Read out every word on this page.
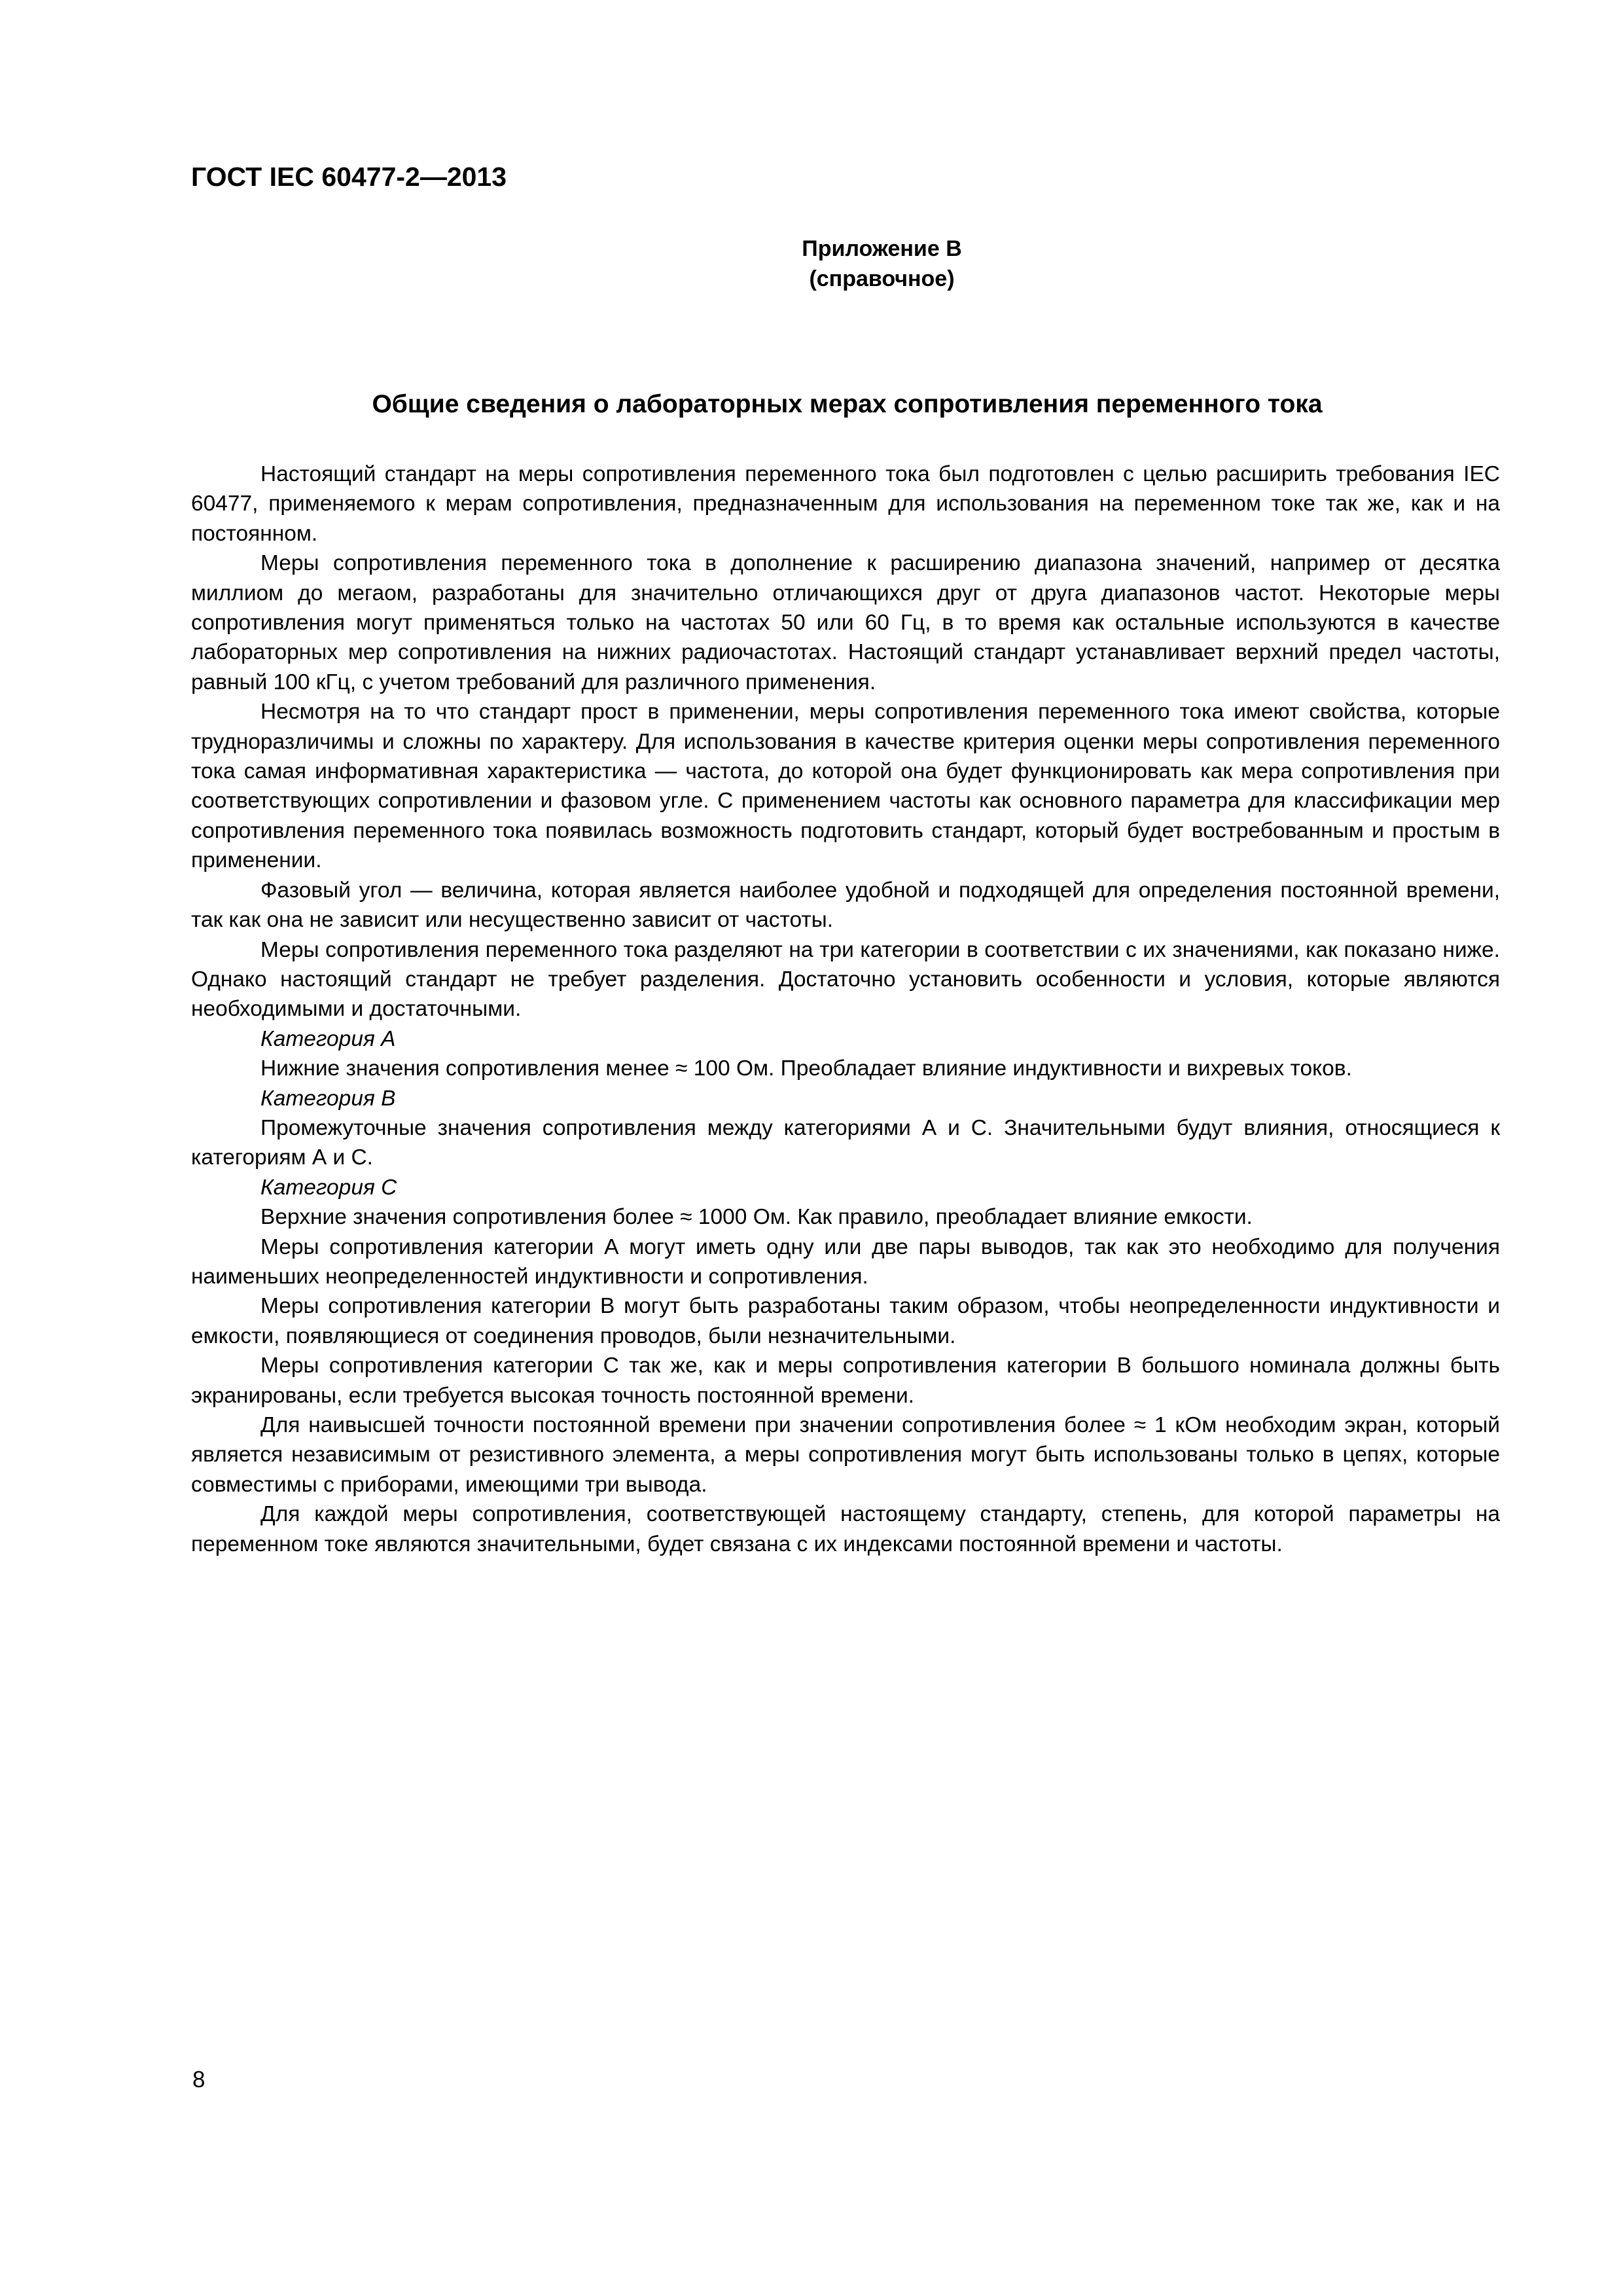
ГОСТ IEC 60477-2—2013
Приложение В
(справочное)
Общие сведения о лабораторных мерах сопротивления переменного тока

Настоящий стандарт на меры сопротивления переменного тока был подготовлен с целью расширить требования IEC 60477, применяемого к мерам сопротивления, предназначенным для использования на переменном токе так же, как и на постоянном.

Меры сопротивления переменного тока в дополнение к расширению диапазона значений, например от десятка миллиом до мегаом, разработаны для значительно отличающихся друг от друга диапазонов частот. Некоторые меры сопротивления могут применяться только на частотах 50 или 60 Гц, в то время как остальные используются в качестве лабораторных мер сопротивления на нижних радиочастотах. Настоящий стандарт устанавливает верхний предел частоты, равный 100 кГц, с учетом требований для различного применения.

Несмотря на то что стандарт прост в применении, меры сопротивления переменного тока имеют свойства, которые трудноразличимы и сложны по характеру. Для использования в качестве критерия оценки меры сопротивления переменного тока самая информативная характеристика — частота, до которой она будет функционировать как мера сопротивления при соответствующих сопротивлении и фазовом угле. С применением частоты как основного параметра для классификации мер сопротивления переменного тока появилась возможность подготовить стандарт, который будет востребованным и простым в применении.

Фазовый угол — величина, которая является наиболее удобной и подходящей для определения постоянной времени, так как она не зависит или несущественно зависит от частоты.

Меры сопротивления переменного тока разделяют на три категории в соответствии с их значениями, как показано ниже. Однако настоящий стандарт не требует разделения. Достаточно установить особенности и условия, которые являются необходимыми и достаточными.

Категория А

Нижние значения сопротивления менее ≈ 100 Ом. Преобладает влияние индуктивности и вихревых токов.

Категория В

Промежуточные значения сопротивления между категориями А и С. Значительными будут влияния, относящиеся к категориям А и С.

Категория С

Верхние значения сопротивления более ≈ 1000 Ом. Как правило, преобладает влияние емкости.

Меры сопротивления категории А могут иметь одну или две пары выводов, так как это необходимо для получения наименьших неопределенностей индуктивности и сопротивления.

Меры сопротивления категории В могут быть разработаны таким образом, чтобы неопределенности индуктивности и емкости, появляющиеся от соединения проводов, были незначительными.

Меры сопротивления категории С так же, как и меры сопротивления категории В большого номинала должны быть экранированы, если требуется высокая точность постоянной времени.

Для наивысшей точности постоянной времени при значении сопротивления более ≈ 1 кОм необходим экран, который является независимым от резистивного элемента, а меры сопротивления могут быть использованы только в цепях, которые совместимы с приборами, имеющими три вывода.

Для каждой меры сопротивления, соответствующей настоящему стандарту, степень, для которой параметры на переменном токе являются значительными, будет связана с их индексами постоянной времени и частоты.

8
